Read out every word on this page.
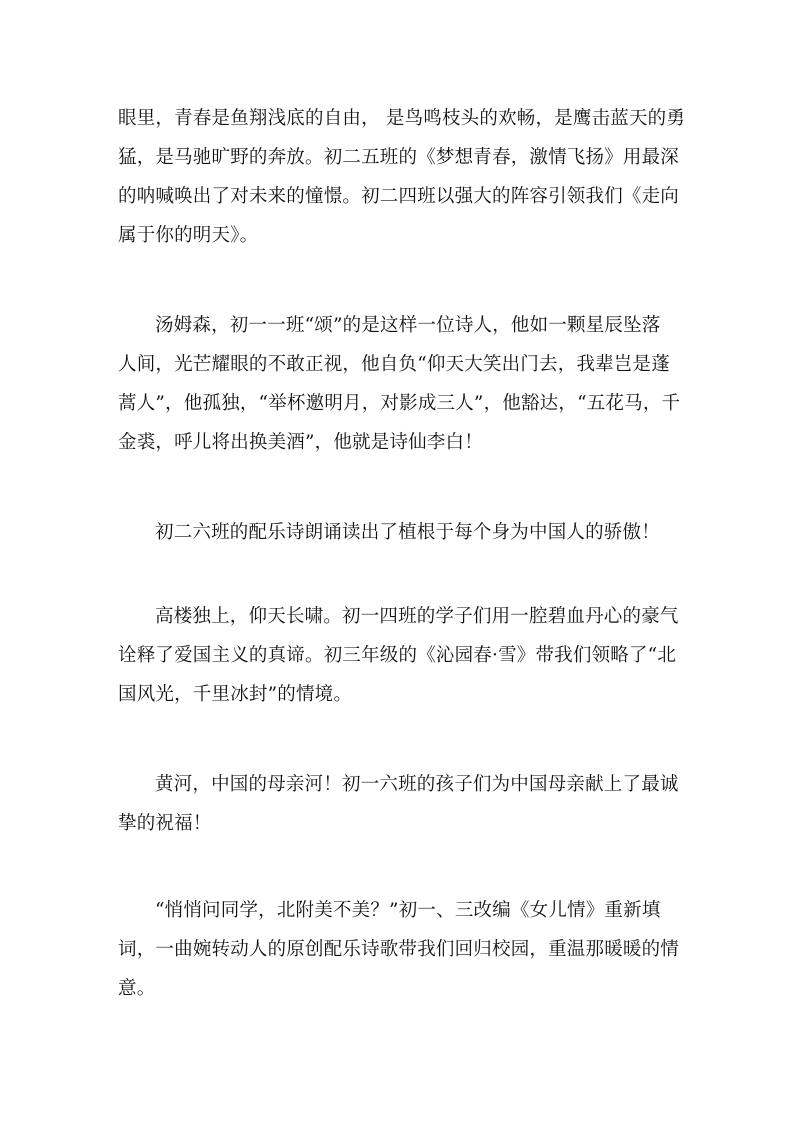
眼里，青春是鱼翔浅底的自由， 是鸟鸣枝头的欢畅，是鹰击蓝天的勇
猛，是马驰旷野的奔放。初二五班的《梦想青春，激情飞扬》用最深
的呐喊唤出了对未来的憧憬。初二四班以强大的阵容引领我们《走向
属于你的明天》。

汤姆森，初一一班“颂”的是这样一位诗人，他如一颗星辰坠落
人间，光芒耀眼的不敢正视，他自负“仰天大笑出门去，我辈岂是蓬
蒿人”，他孤独，“举杯邀明月，对影成三人”，他豁达，“五花马，千
金裘，呼儿将出换美酒”，他就是诗仙李白！

初二六班的配乐诗朗诵读出了植根于每个身为中国人的骄傲！

高楼独上，仰天长啸。初一四班的学子们用一腔碧血丹心的豪气
诠释了爱国主义的真谛。初三年级的《沁园春·雪》带我们领略了“北
国风光，千里冰封”的情境。

黄河，中国的母亲河！初一六班的孩子们为中国母亲献上了最诚
挚的祝福！

“悄悄问同学，北附美不美？”初一、三改编《女儿情》重新填
词，一曲婉转动人的原创配乐诗歌带我们回归校园，重温那暖暖的情
意。
